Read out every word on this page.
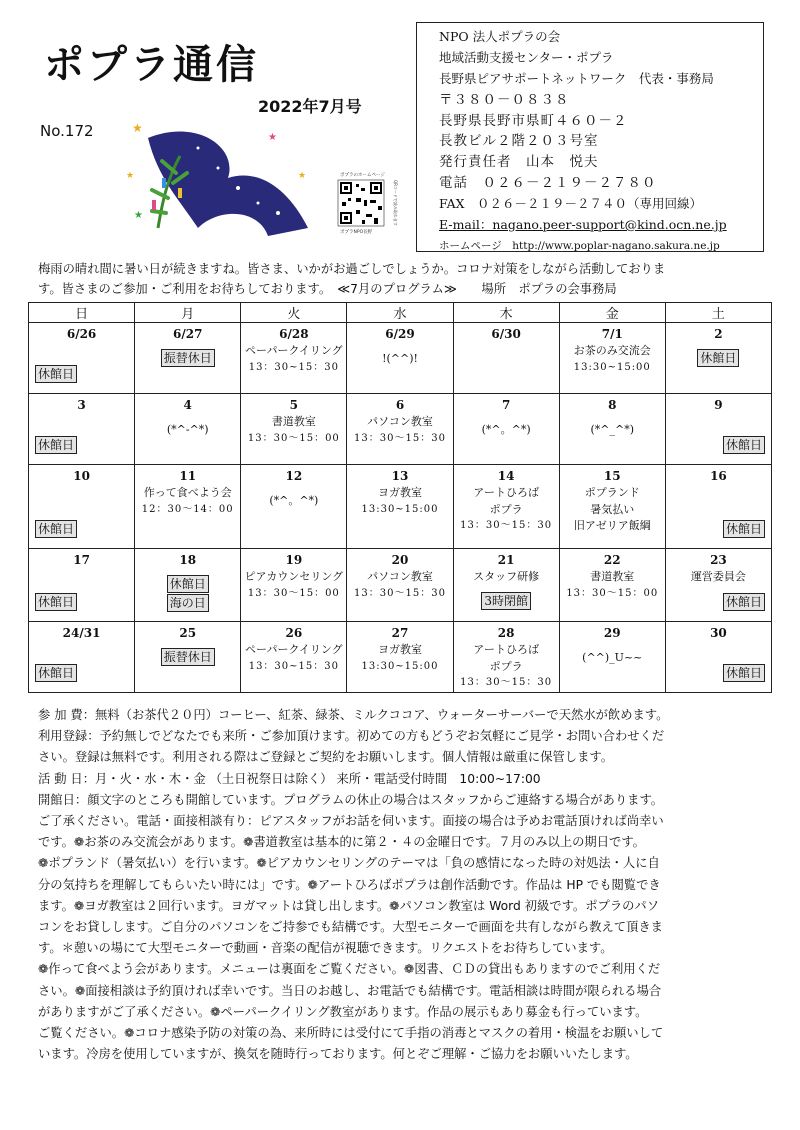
ポプラ通信
2022年7月号
No.172	★
★
★
★
★	ポプラのホームページ
ポプラNPO長野
QRコードで読み取れます
NPO 法人ポプラの会
地域活動支援センター・ポプラ
長野県ピアサポートネットワーク　代表・事務局
〒３８０－０８３８
長野県長野市県町４６０－２
長教ビル２階２０３号室
発行責任者　山本　悦夫
電話　０２６－２１９－２７８０
FAX　０２６－２１９－２７４０（専用回線）
E-mail：nagano.peer-support@kind.ocn.ne.jp
ホームページ　http://www.poplar-nagano.sakura.ne.jp
梅雨の晴れ間に暑い日が続きますね。皆さま、いかがお過ごしでしょうか。コロナ対策をしながら活動しておりま
す。皆さまのご参加・ご利用をお待ちしております。　≪7月のプログラム≫　　場所　ポプラの会事務局
日	月	火	水	木	金	土

6/26
休館日	6/27
振替休日	6/28
ペーパークイリング
13：30~15：30	6/29
!(^^)!	6/30	7/1
お茶のみ交流会
13:30~15:00	2
休館日

3
休館日	4
(*^-^*)	5
書道教室
13：30～15：00	6
パソコン教室
13：30～15：30	7
(*^。^*)	8
(*^_^*)	9
休館日

10
休館日	11
作って食べよう会
12：30～14：00	12
(*^。^*)	13
ヨガ教室
13:30~15:00	14
アートひろば
ポプラ
13：30～15：30	15
ポプランド
暑気払い
旧アゼリア飯綱	16
休館日

17
休館日	18
休館日
海の日	19
ピアカウンセリング
13：30～15：00	20
パソコン教室
13：30～15：30	21
スタッフ研修
3時閉館	22
書道教室
13：30～15：00	23
運営委員会
休館日

24/31
休館日	25
振替休日	26
ペーパークイリング
13：30~15：30	27
ヨガ教室
13:30~15:00	28
アートひろば
ポプラ
13：30～15：30	29
(^^)_U~~	30
休館日

参 加 費：無料（お茶代２０円）コーヒー、紅茶、緑茶、ミルクココア、ウォーターサーバーで天然水が飲めます。

利用登録：予約無しでどなたでも来所・ご参加頂けます。初めての方もどうぞお気軽にご見学・お問い合わせくだ

さい。登録は無料です。利用される際はご登録とご契約をお願いします。個人情報は厳重に保管します。

活 動 日：月・火・水・木・金 （土日祝祭日は除く） 来所・電話受付時間　10:00~17:00

開館日：顔文字のところも開館しています。プログラムの休止の場合はスタッフからご連絡する場合があります。

ご了承ください。電話・面接相談有り：ピアスタッフがお話を伺います。面接の場合は予めお電話頂ければ尚幸い

です。❁お茶のみ交流会があります。❁書道教室は基本的に第２・４の金曜日です。７月のみ以上の期日です。

❁ポプランド（暑気払い）を行います。❁ピアカウンセリングのテーマは「負の感情になった時の対処法・人に自

分の気持ちを理解してもらいたい時には」です。❁アートひろばポプラは創作活動です。作品は HP でも閲覧でき

ます。❁ヨガ教室は２回行います。ヨガマットは貸し出します。❁パソコン教室は Word 初級です。ポプラのパソ

コンをお貸しします。ご自分のパソコンをご持参でも結構です。大型モニターで画面を共有しながら教えて頂きま

す。＊憩いの場にて大型モニターで動画・音楽の配信が視聴できます。リクエストをお待ちしています。

❁作って食べよう会があります。メニューは裏面をご覧ください。❁図書、ＣＤの貸出もありますのでご利用くだ

さい。❁面接相談は予約頂ければ幸いです。当日のお越し、お電話でも結構です。電話相談は時間が限られる場合

がありますがご了承ください。❁ペーパークイリング教室があります。作品の展示もあり募金も行っています。

ご覧ください。❁コロナ感染予防の対策の為、来所時には受付にて手指の消毒とマスクの着用・検温をお願いして

います。冷房を使用していますが、換気を随時行っております。何とぞご理解・ご協力をお願いいたします。
